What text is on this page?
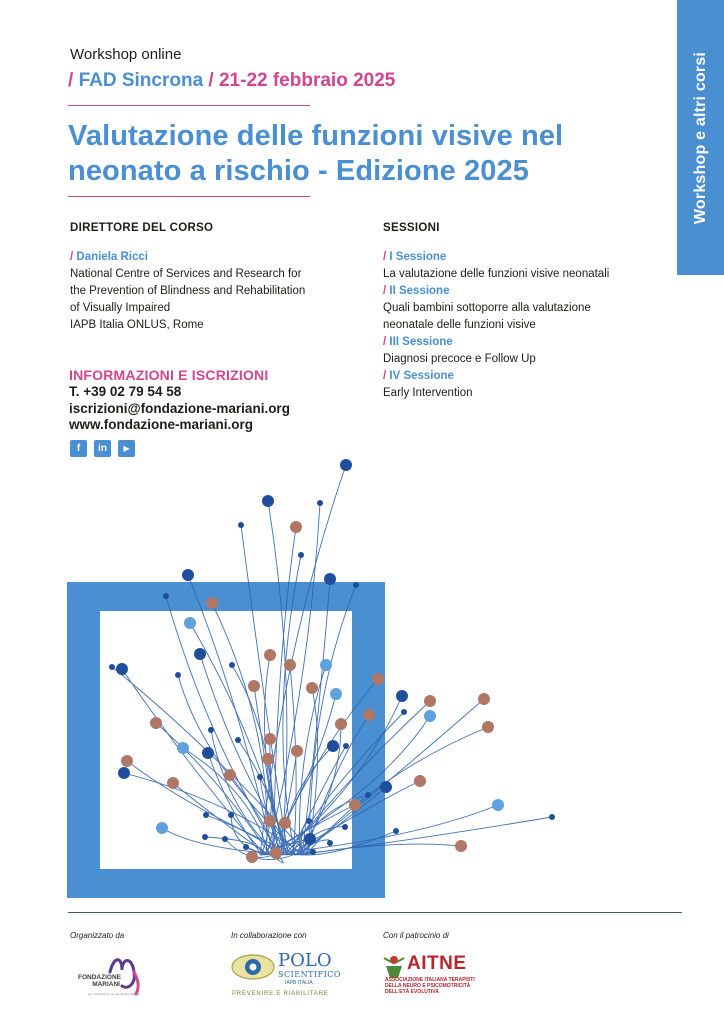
Workshop online
/ FAD Sincrona / 21-22 febbraio 2025
Valutazione delle funzioni visive nel
neonato a rischio - Edizione 2025	Workshop e altri corsi
DIRETTORE DEL CORSO
/ Daniela Ricci
National Centre of Services and Research for
the Prevention of Blindness and Rehabilitation
of Visually Impaired
IAPB Italia ONLUS, Rome
SESSIONI
/ I Sessione
La valutazione delle funzioni visive neonatali
/ II Sessione
Quali bambini sottoporre alla valutazione
neonatale delle funzioni visive
/ III Sessione
Diagnosi precoce e Follow Up
/ IV Sessione
Early Intervention
INFORMAZIONI E ISCRIZIONI
T. +39 02 79 54 58
iscrizioni@fondazione-mariani.org
www.fondazione-mariani.org
f	in	▶
Organizzato da	In collaborazione con	Con il patrocinio di
FONDAZIONE
MARIANI
per i bambini con la neurologia infantile
POLO
SCIENTIFICO
IAPB ITALIA
PREVENIRE E RIABILITARE
AITNE
ASSOCIAZIONE ITALIANA TERAPISTI
DELLA NEURO E PSICOMOTRICITÀ
DELL'ETÀ EVOLUTIVA
